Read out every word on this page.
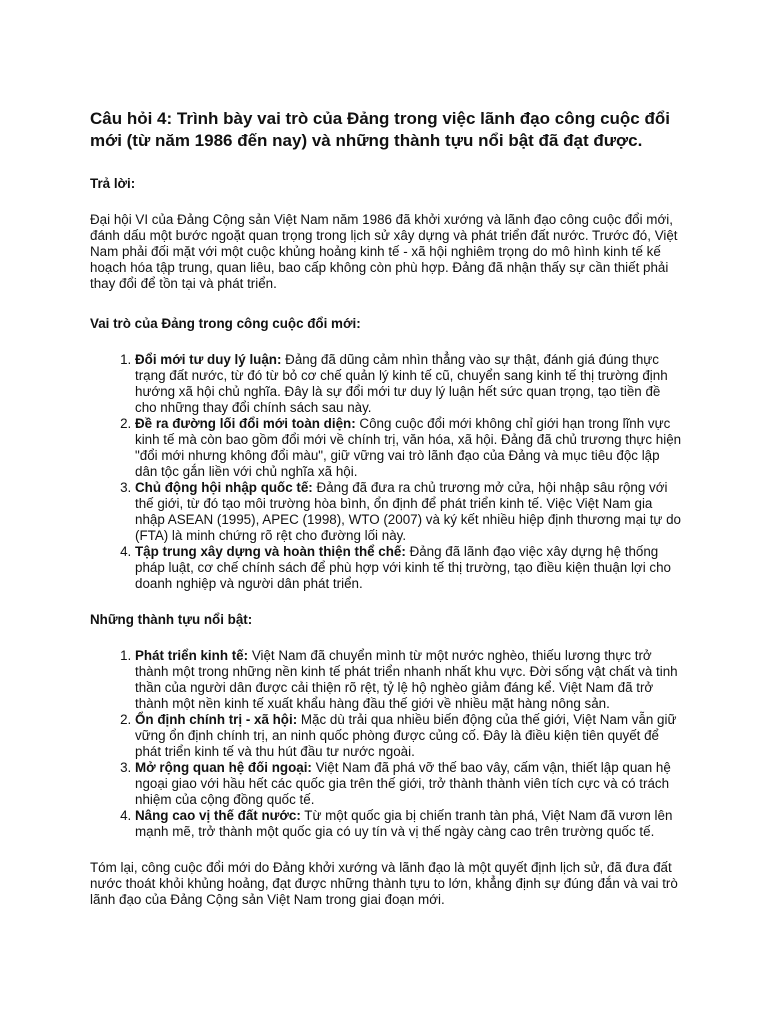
Câu hỏi 4: Trình bày vai trò của Đảng trong việc lãnh đạo công cuộc đổi mới (từ năm 1986 đến nay) và những thành tựu nổi bật đã đạt được.
Trả lời:

Đại hội VI của Đảng Cộng sản Việt Nam năm 1986 đã khởi xướng và lãnh đạo công cuộc đổi mới, đánh dấu một bước ngoặt quan trọng trong lịch sử xây dựng và phát triển đất nước. Trước đó, Việt Nam phải đối mặt với một cuộc khủng hoảng kinh tế - xã hội nghiêm trọng do mô hình kinh tế kế hoạch hóa tập trung, quan liêu, bao cấp không còn phù hợp. Đảng đã nhận thấy sự cần thiết phải thay đổi để tồn tại và phát triển.

Vai trò của Đảng trong công cuộc đổi mới:
1. Đổi mới tư duy lý luận: Đảng đã dũng cảm nhìn thẳng vào sự thật, đánh giá đúng thực trạng đất nước, từ đó từ bỏ cơ chế quản lý kinh tế cũ, chuyển sang kinh tế thị trường định hướng xã hội chủ nghĩa. Đây là sự đổi mới tư duy lý luận hết sức quan trọng, tạo tiền đề cho những thay đổi chính sách sau này.
2. Đề ra đường lối đổi mới toàn diện: Công cuộc đổi mới không chỉ giới hạn trong lĩnh vực kinh tế mà còn bao gồm đổi mới về chính trị, văn hóa, xã hội. Đảng đã chủ trương thực hiện "đổi mới nhưng không đổi màu", giữ vững vai trò lãnh đạo của Đảng và mục tiêu độc lập dân tộc gắn liền với chủ nghĩa xã hội.
3. Chủ động hội nhập quốc tế: Đảng đã đưa ra chủ trương mở cửa, hội nhập sâu rộng với thế giới, từ đó tạo môi trường hòa bình, ổn định để phát triển kinh tế. Việc Việt Nam gia nhập ASEAN (1995), APEC (1998), WTO (2007) và ký kết nhiều hiệp định thương mại tự do (FTA) là minh chứng rõ rệt cho đường lối này.
4. Tập trung xây dựng và hoàn thiện thể chế: Đảng đã lãnh đạo việc xây dựng hệ thống pháp luật, cơ chế chính sách để phù hợp với kinh tế thị trường, tạo điều kiện thuận lợi cho doanh nghiệp và người dân phát triển.
Những thành tựu nổi bật:
1. Phát triển kinh tế: Việt Nam đã chuyển mình từ một nước nghèo, thiếu lương thực trở thành một trong những nền kinh tế phát triển nhanh nhất khu vực. Đời sống vật chất và tinh thần của người dân được cải thiện rõ rệt, tỷ lệ hộ nghèo giảm đáng kể. Việt Nam đã trở thành một nền kinh tế xuất khẩu hàng đầu thế giới về nhiều mặt hàng nông sản.
2. Ổn định chính trị - xã hội: Mặc dù trải qua nhiều biến động của thế giới, Việt Nam vẫn giữ vững ổn định chính trị, an ninh quốc phòng được củng cố. Đây là điều kiện tiên quyết để phát triển kinh tế và thu hút đầu tư nước ngoài.
3. Mở rộng quan hệ đối ngoại: Việt Nam đã phá vỡ thế bao vây, cấm vận, thiết lập quan hệ ngoại giao với hầu hết các quốc gia trên thế giới, trở thành thành viên tích cực và có trách nhiệm của cộng đồng quốc tế.
4. Nâng cao vị thế đất nước: Từ một quốc gia bị chiến tranh tàn phá, Việt Nam đã vươn lên mạnh mẽ, trở thành một quốc gia có uy tín và vị thế ngày càng cao trên trường quốc tế.

Tóm lại, công cuộc đổi mới do Đảng khởi xướng và lãnh đạo là một quyết định lịch sử, đã đưa đất nước thoát khỏi khủng hoảng, đạt được những thành tựu to lớn, khẳng định sự đúng đắn và vai trò lãnh đạo của Đảng Cộng sản Việt Nam trong giai đoạn mới.
